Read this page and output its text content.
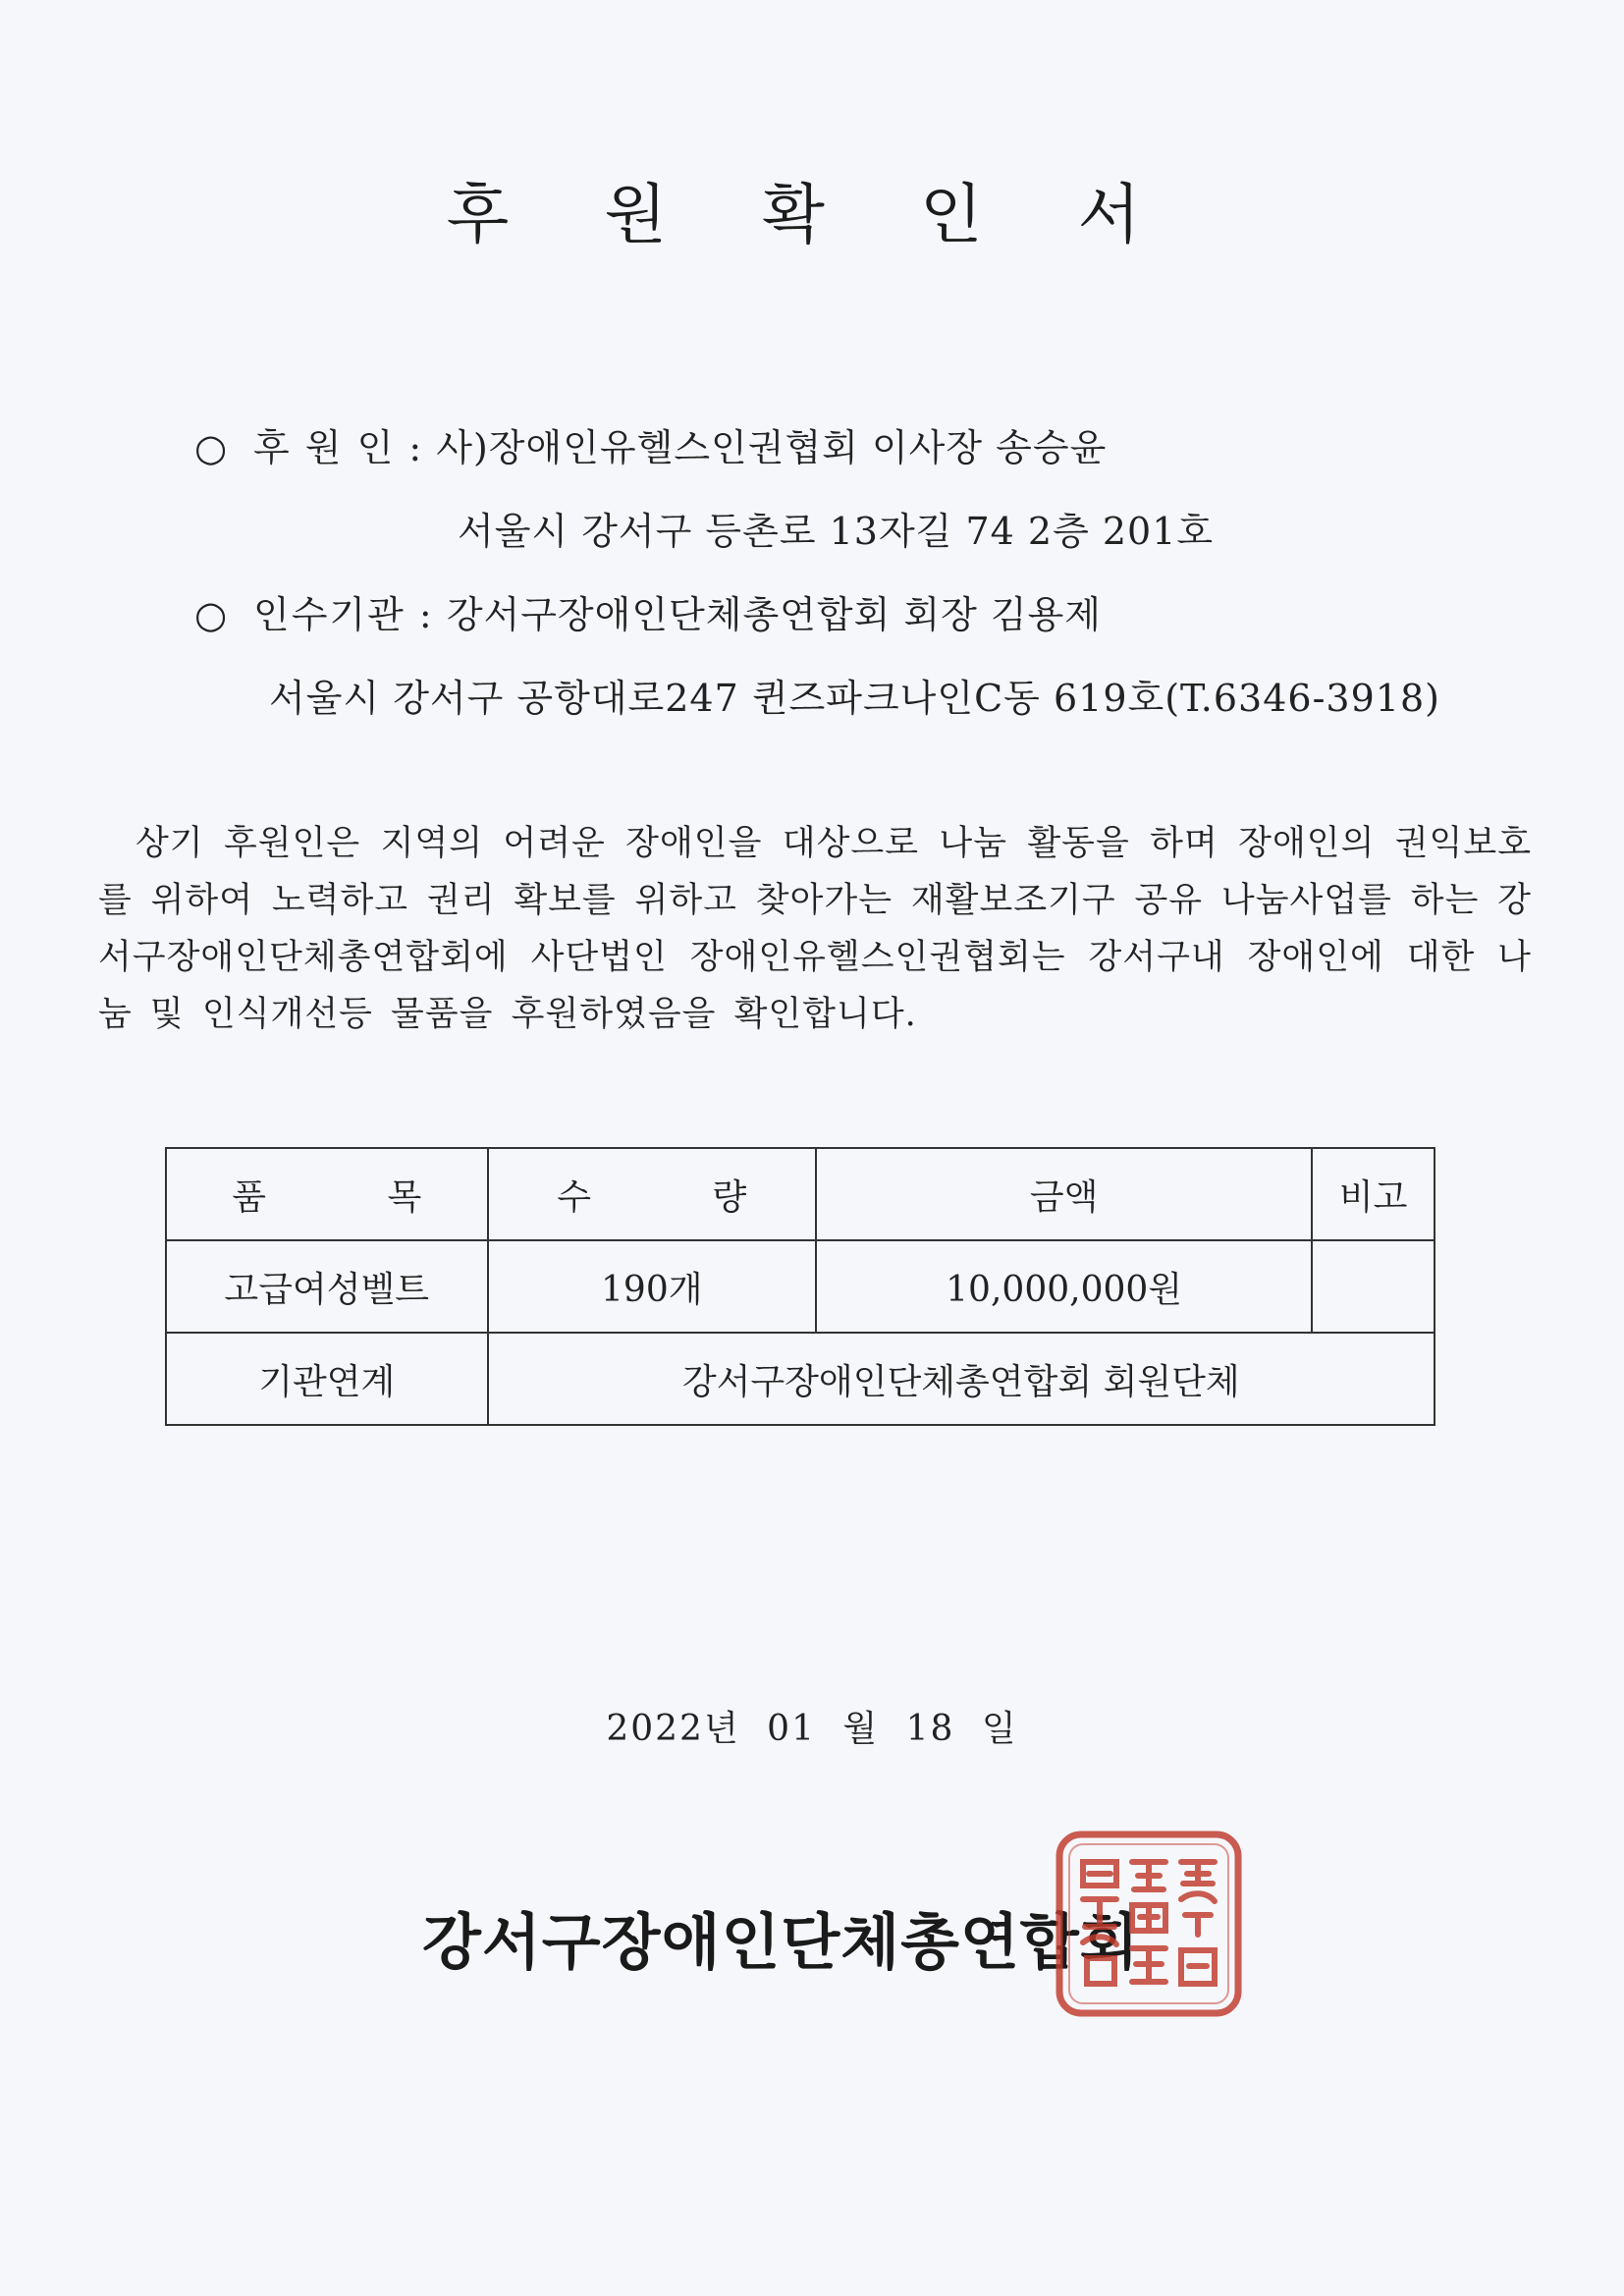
후 원 확 인 서
○ 후 원 인 : 사)장애인유헬스인권협회 이사장 송승윤
서울시 강서구 등촌로 13자길 74 2층 201호
○ 인수기관 : 강서구장애인단체총연합회 회장 김용제
서울시 강서구 공항대로247 퀸즈파크나인C동 619호(T.6346-3918)
상기 후원인은 지역의 어려운 장애인을 대상으로 나눔 활동을 하며 장애인의 권익보호를 위하여 노력하고 권리 확보를 위하고 찾아가는 재활보조기구 공유 나눔사업를 하는 강서구장애인단체총연합회에 사단법인 장애인유헬스인권협회는 강서구내 장애인에 대한 나눔 및 인식개선등 물품을 후원하였음을 확인합니다.
품 목	수 량	금액	비고
고급여성벨트	190개	10,000,000원	
기관연계	강서구장애인단체총연합회 회원단체		
2022년 01 월 18 일
강서구장애인단체총연합회
